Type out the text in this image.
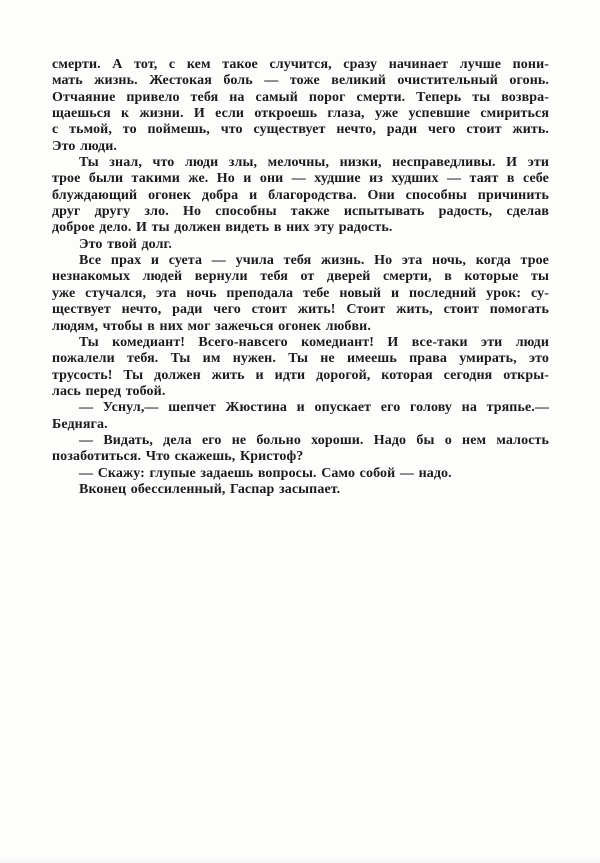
смерти. А тот, с кем такое случится, сразу начинает лучше пони-
мать жизнь. Жестокая боль — тоже великий очистительный огонь.
Отчаяние привело тебя на самый порог смерти. Теперь ты возвра-
щаешься к жизни. И если откроешь глаза, уже успевшие смириться
с тьмой, то поймешь, что существует нечто, ради чего стоит жить.
Это люди.
Ты знал, что люди злы, мелочны, низки, несправедливы. И эти
трое были такими же. Но и они — худшие из худших — таят в себе
блуждающий огонек добра и благородства. Они способны причинить
друг другу зло. Но способны также испытывать радость, сделав
доброе дело. И ты должен видеть в них эту радость.
Это твой долг.
Все прах и суета — учила тебя жизнь. Но эта ночь, когда трое
незнакомых людей вернули тебя от дверей смерти, в которые ты
уже стучался, эта ночь преподала тебе новый и последний урок: су-
ществует нечто, ради чего стоит жить! Стоит жить, стоит помогать
людям, чтобы в них мог зажечься огонек любви.
Ты комедиант! Всего-навсего комедиант! И все-таки эти люди
пожалели тебя. Ты им нужен. Ты не имеешь права умирать, это
трусость! Ты должен жить и идти дорогой, которая сегодня откры-
лась перед тобой.
— Уснул,— шепчет Жюстина и опускает его голову на тряпье.—
Бедняга.
— Видать, дела его не больно хороши. Надо бы о нем малость
позаботиться. Что скажешь, Кристоф?
— Скажу: глупые задаешь вопросы. Само собой — надо.
Вконец обессиленный, Гаспар засыпает.
